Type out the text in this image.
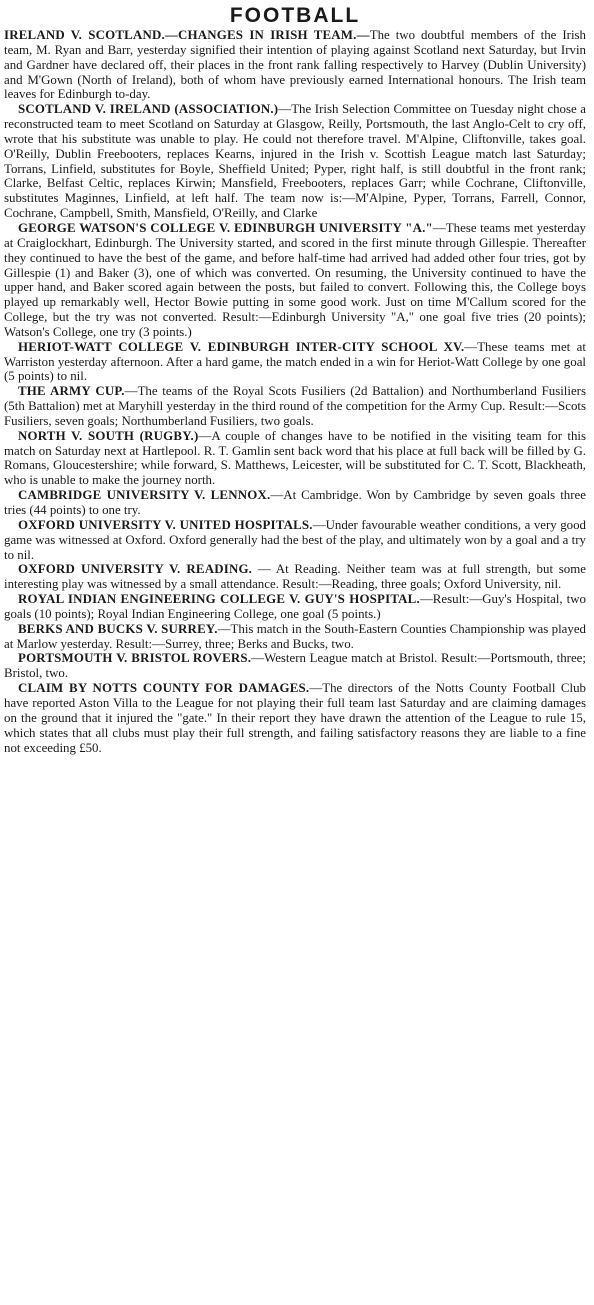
FOOTBALL

IRELAND V. SCOTLAND.—CHANGES IN IRISH TEAM.—The two doubtful members of the Irish team, M. Ryan and Barr, yesterday signified their intention of playing against Scotland next Saturday, but Irvin and Gardner have declared off, their places in the front rank falling respectively to Harvey (Dublin University) and M'Gown (North of Ireland), both of whom have previously earned International honours. The Irish team leaves for Edinburgh to-day.

SCOTLAND V. IRELAND (ASSOCIATION.)—The Irish Selection Committee on Tuesday night chose a reconstructed team to meet Scotland on Saturday at Glasgow, Reilly, Portsmouth, the last Anglo-Celt to cry off, wrote that his substitute was unable to play. He could not therefore travel. M'Alpine, Cliftonville, takes goal. O'Reilly, Dublin Freebooters, replaces Kearns, injured in the Irish v. Scottish League match last Saturday; Torrans, Linfield, substitutes for Boyle, Sheffield United; Pyper, right half, is still doubtful in the front rank; Clarke, Belfast Celtic, replaces Kirwin; Mansfield, Freebooters, replaces Garr; while Cochrane, Cliftonville, substitutes Maginnes, Linfield, at left half. The team now is:—M'Alpine, Pyper, Torrans, Farrell, Connor, Cochrane, Campbell, Smith, Mansfield, O'Reilly, and Clarke

GEORGE WATSON'S COLLEGE V. EDINBURGH UNIVERSITY "A."—These teams met yesterday at Craiglockhart, Edinburgh. The University started, and scored in the first minute through Gillespie. Thereafter they continued to have the best of the game, and before half-time had arrived had added other four tries, got by Gillespie (1) and Baker (3), one of which was converted. On resuming, the University continued to have the upper hand, and Baker scored again between the posts, but failed to convert. Following this, the College boys played up remarkably well, Hector Bowie putting in some good work. Just on time M'Callum scored for the College, but the try was not converted. Result:—Edinburgh University "A," one goal five tries (20 points); Watson's College, one try (3 points.)

HERIOT-WATT COLLEGE V. EDINBURGH INTER-CITY SCHOOL XV.—These teams met at Warriston yesterday afternoon. After a hard game, the match ended in a win for Heriot-Watt College by one goal (5 points) to nil.

THE ARMY CUP.—The teams of the Royal Scots Fusiliers (2d Battalion) and Northumberland Fusiliers (5th Battalion) met at Maryhill yesterday in the third round of the competition for the Army Cup. Result:—Scots Fusiliers, seven goals; Northumberland Fusiliers, two goals.

NORTH V. SOUTH (RUGBY.)—A couple of changes have to be notified in the visiting team for this match on Saturday next at Hartlepool. R. T. Gamlin sent back word that his place at full back will be filled by G. Romans, Gloucestershire; while forward, S. Matthews, Leicester, will be substituted for C. T. Scott, Blackheath, who is unable to make the journey north.

CAMBRIDGE UNIVERSITY V. LENNOX.—At Cambridge. Won by Cambridge by seven goals three tries (44 points) to one try.

OXFORD UNIVERSITY V. UNITED HOSPITALS.—Under favourable weather conditions, a very good game was witnessed at Oxford. Oxford generally had the best of the play, and ultimately won by a goal and a try to nil.

OXFORD UNIVERSITY V. READING. — At Reading. Neither team was at full strength, but some interesting play was witnessed by a small attendance. Result:—Reading, three goals; Oxford University, nil.

ROYAL INDIAN ENGINEERING COLLEGE V. GUY'S HOSPITAL.—Result:—Guy's Hospital, two goals (10 points); Royal Indian Engineering College, one goal (5 points.)

BERKS AND BUCKS V. SURREY.—This match in the South-Eastern Counties Championship was played at Marlow yesterday. Result:—Surrey, three; Berks and Bucks, two.

PORTSMOUTH V. BRISTOL ROVERS.—Western League match at Bristol. Result:—Portsmouth, three; Bristol, two.

CLAIM BY NOTTS COUNTY FOR DAMAGES.—The directors of the Notts County Football Club have reported Aston Villa to the League for not playing their full team last Saturday and are claiming damages on the ground that it injured the "gate." In their report they have drawn the attention of the League to rule 15, which states that all clubs must play their full strength, and failing satisfactory reasons they are liable to a fine not exceeding £50.
